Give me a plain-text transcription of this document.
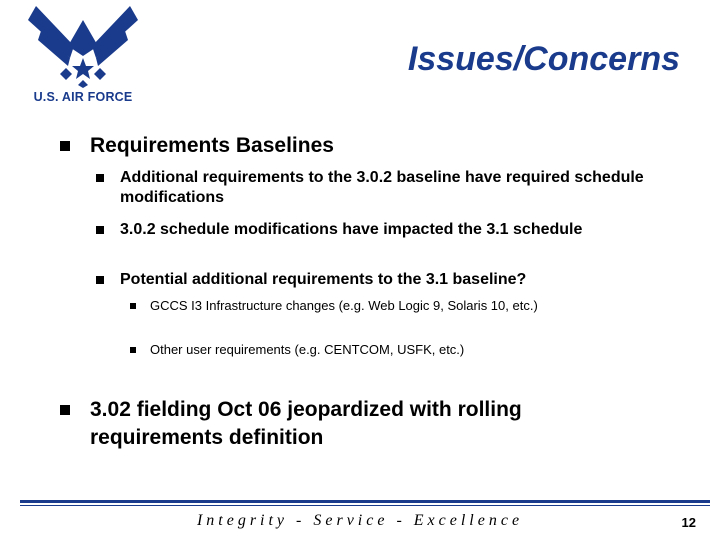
U.S. AIR FORCE
Issues/Concerns
Requirements Baselines
Additional requirements to the 3.0.2 baseline have required schedule modifications
3.0.2 schedule modifications have impacted the 3.1 schedule
Potential additional requirements to the 3.1 baseline?
GCCS I3 Infrastructure changes (e.g. Web Logic 9, Solaris 10, etc.)
Other user requirements (e.g. CENTCOM, USFK, etc.)
3.02 fielding Oct 06 jeopardized with rolling requirements definition
Integrity - Service - Excellence	12
